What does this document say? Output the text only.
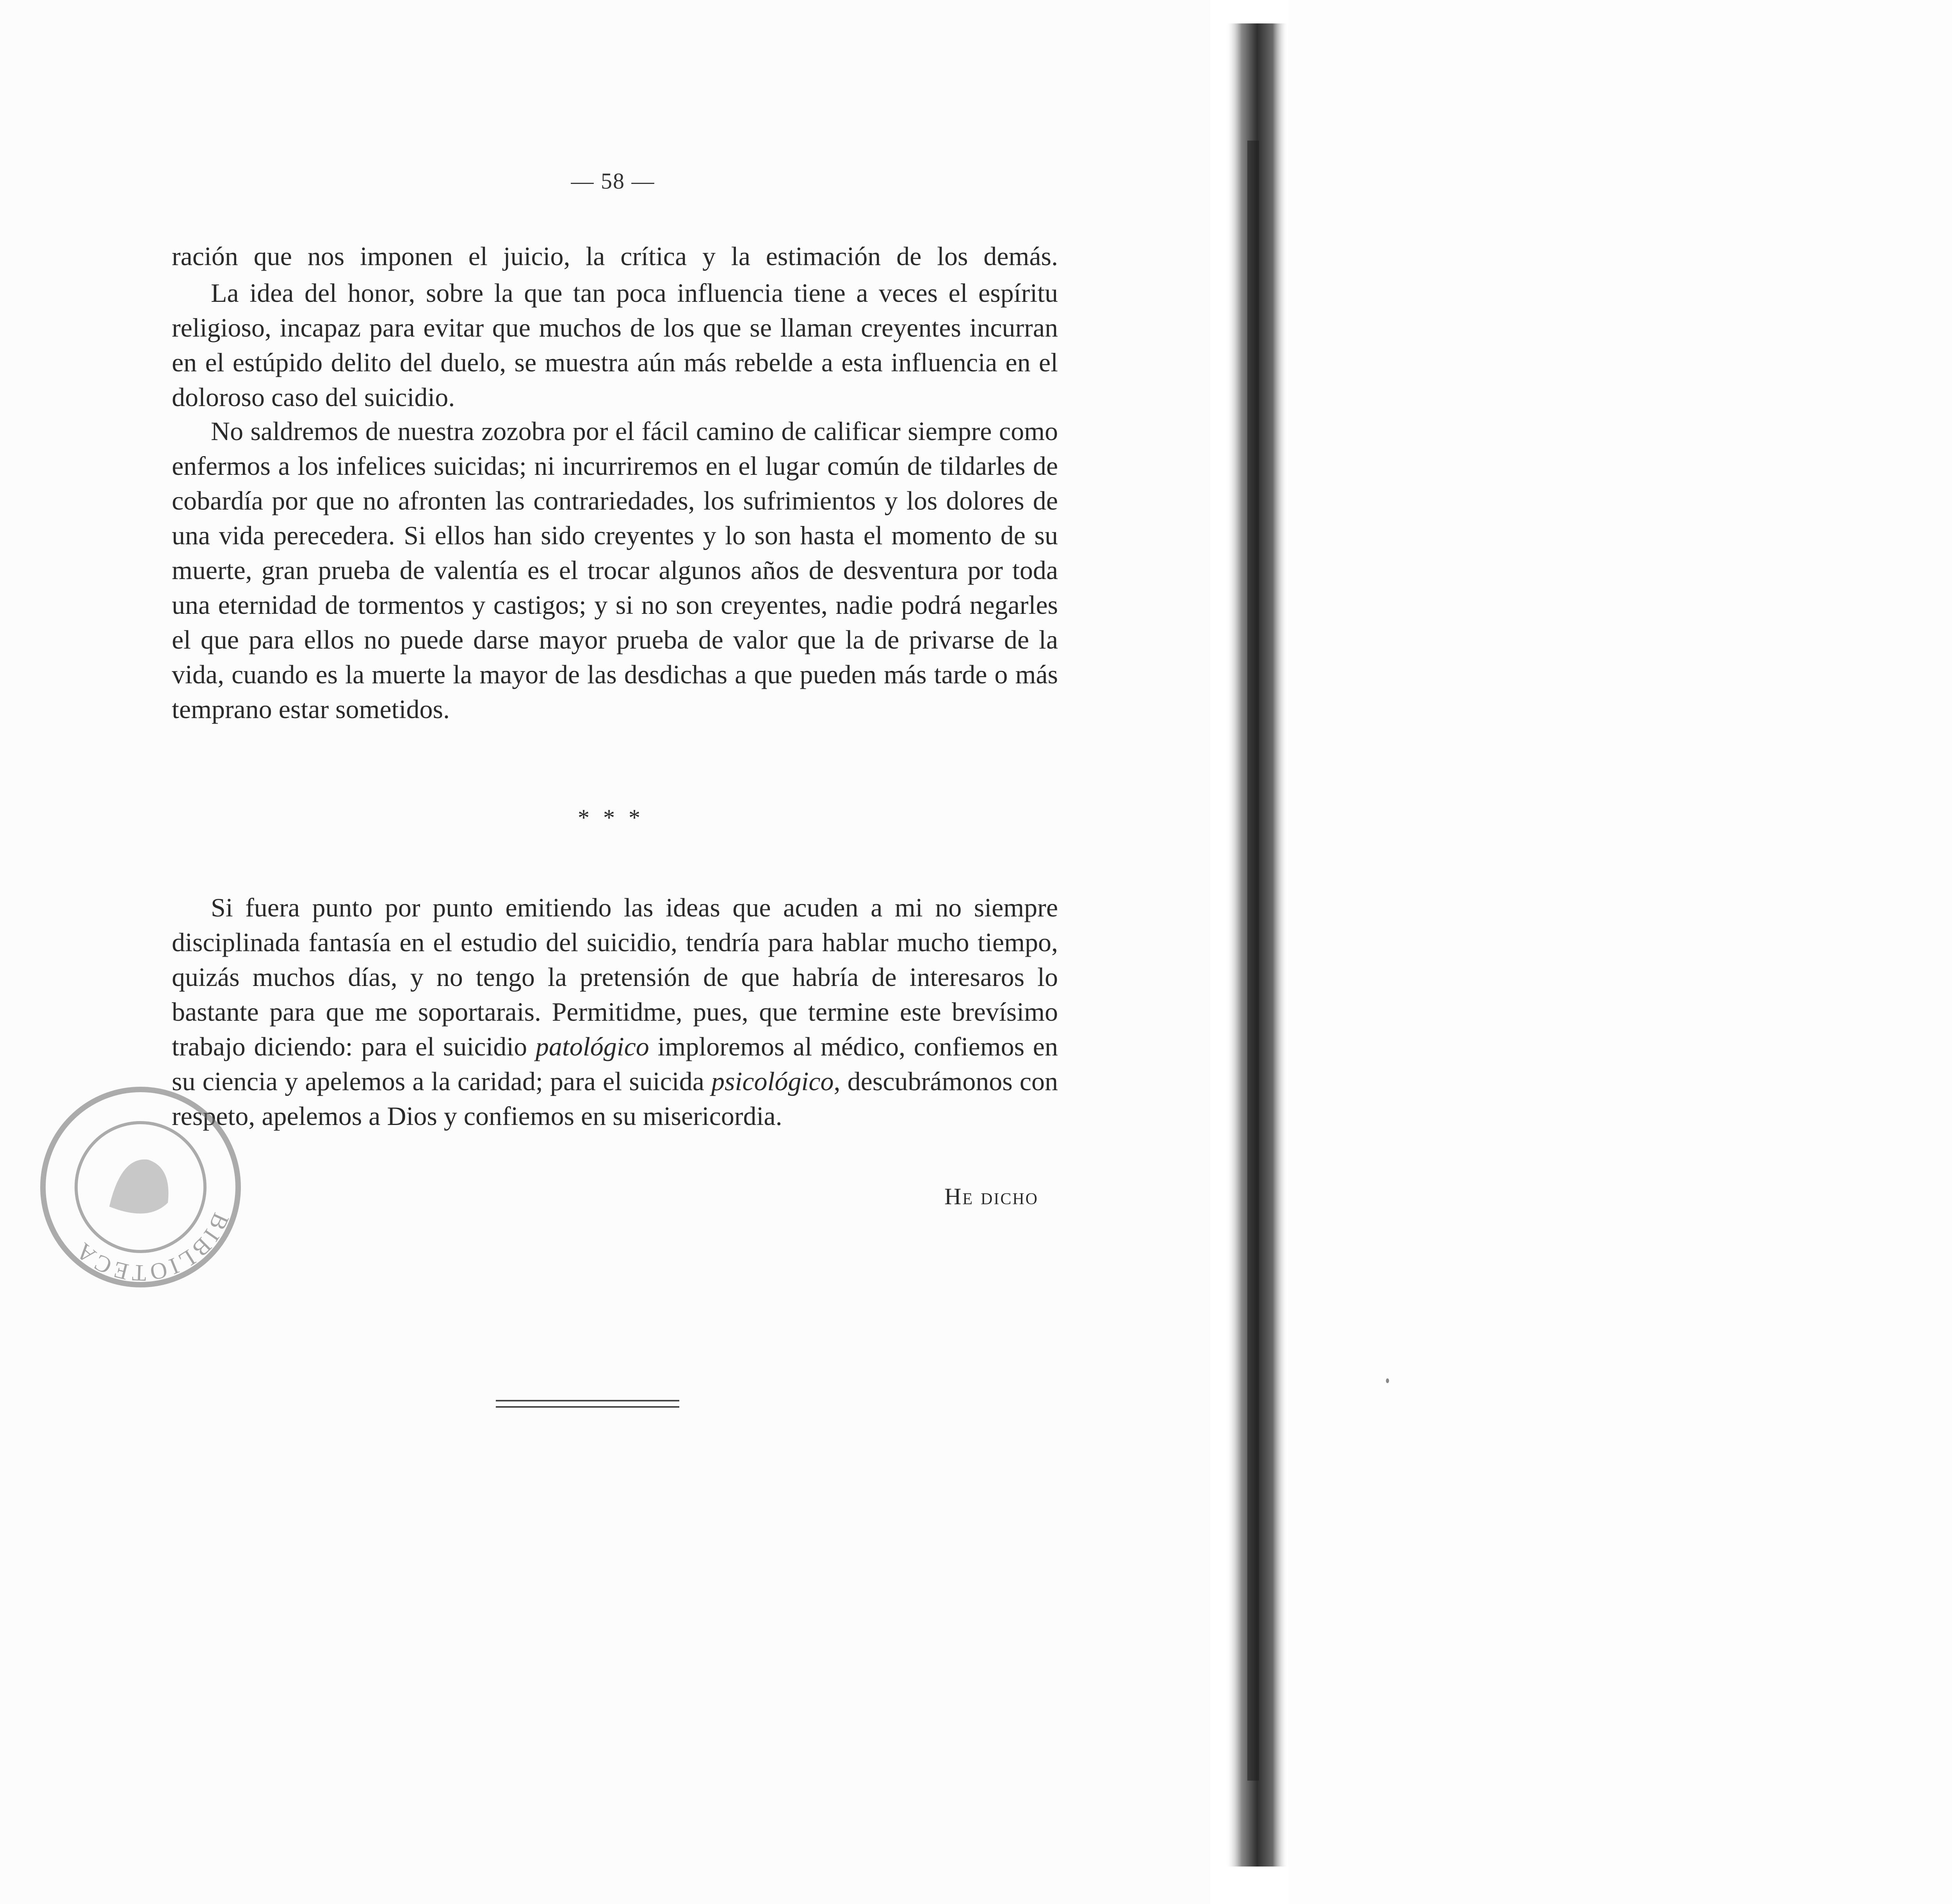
— 58 —

ración que nos imponen el juicio, la crítica y la estimación de los demás.

La idea del honor, sobre la que tan poca influencia tiene a veces el espíritu religioso, incapaz para evitar que muchos de los que se llaman creyentes incurran en el estúpido delito del duelo, se muestra aún más rebelde a esta influencia en el doloroso caso del suicidio.

No saldremos de nuestra zozobra por el fácil camino de calificar siempre como enfermos a los infelices suicidas; ni incurriremos en el lugar común de tildarles de cobardía por que no afronten las contrariedades, los sufrimientos y los dolores de una vida perecedera. Si ellos han sido creyentes y lo son hasta el momento de su muerte, gran prueba de valentía es el trocar algunos años de desventura por toda una eternidad de tormentos y castigos; y si no son creyentes, nadie podrá negarles el que para ellos no puede darse mayor prueba de valor que la de privarse de la vida, cuando es la muerte la mayor de las desdichas a que pueden más tarde o más temprano estar sometidos.

* * *

Si fuera punto por punto emitiendo las ideas que acuden a mi no siempre disciplinada fantasía en el estudio del suicidio, tendría para hablar mucho tiempo, quizás muchos días, y no tengo la pretensión de que habría de interesaros lo bastante para que me soportarais. Permitidme, pues, que termine este brevísimo trabajo diciendo: para el suicidio patológico imploremos al médico, confiemos en su ciencia y apelemos a la caridad; para el suicida psicológico, descubrámonos con respeto, apelemos a Dios y confiemos en su misericordia.

He dicho
BIBLIOTECA
